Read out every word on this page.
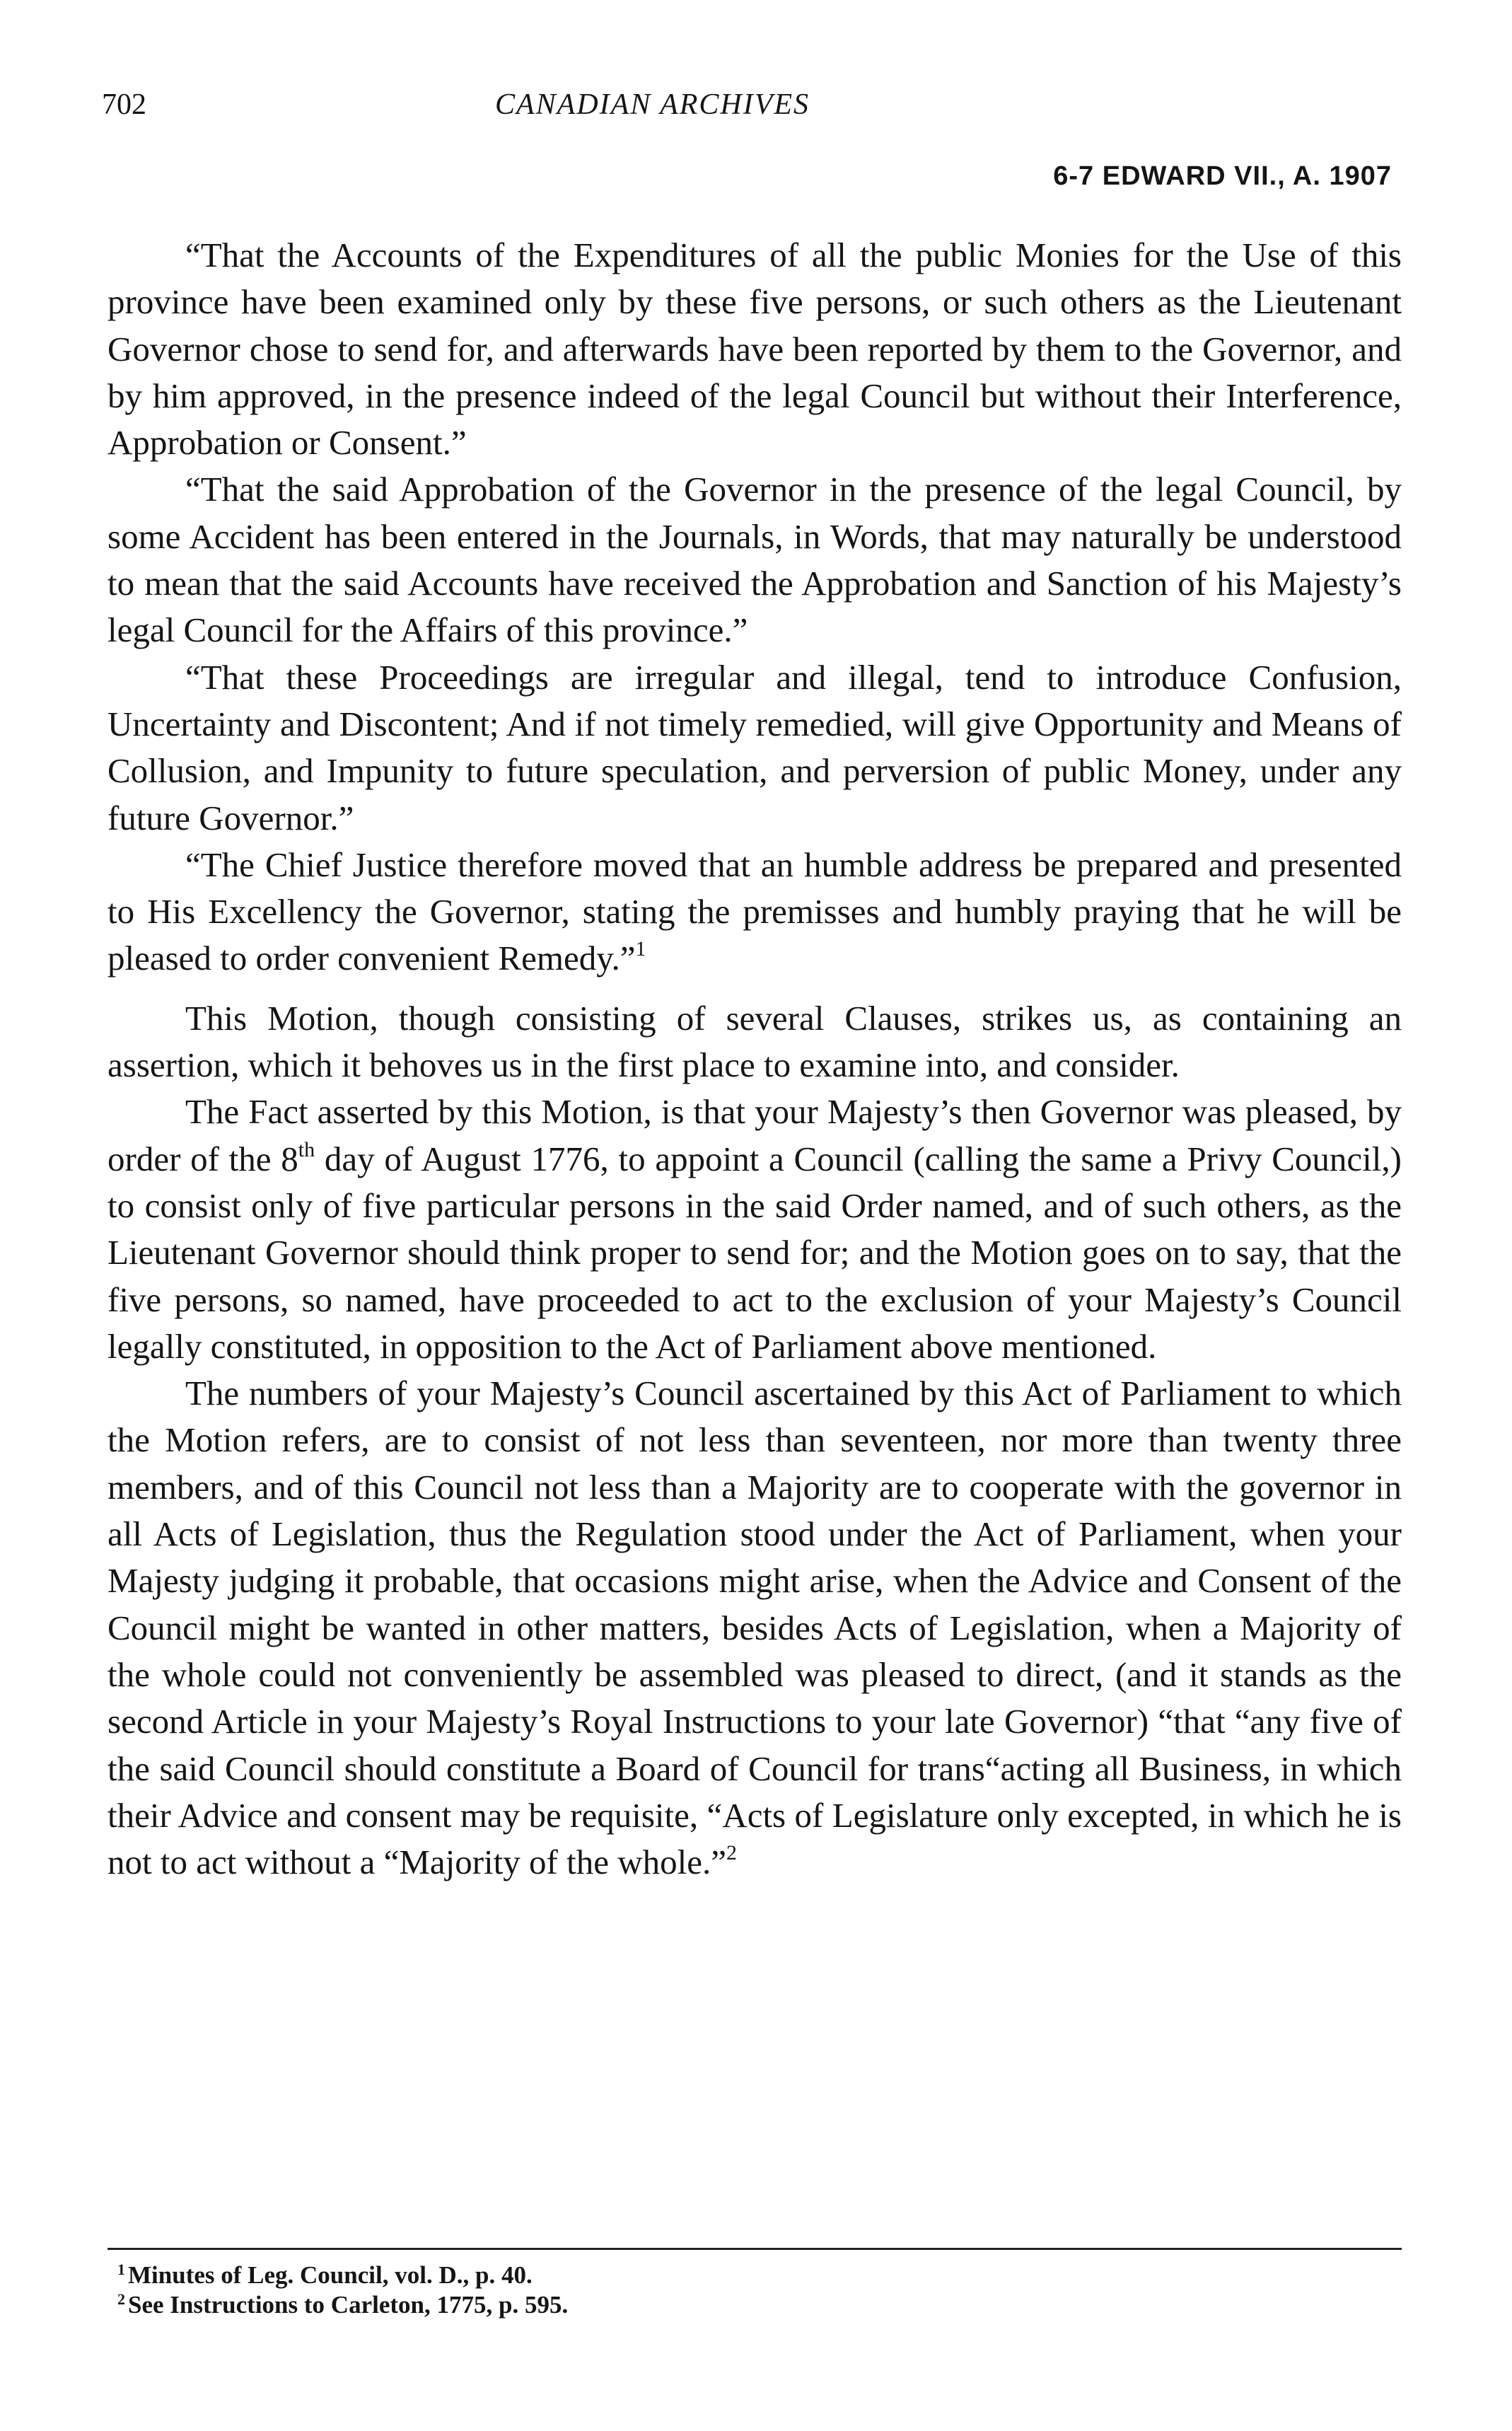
702	CANADIAN ARCHIVES
6-7 EDWARD VII., A. 1907

“That the Accounts of the Expenditures of all the public Monies for the Use of this province have been examined only by these five persons, or such others as the Lieutenant Governor chose to send for, and afterwards have been reported by them to the Governor, and by him approved, in the presence indeed of the legal Council but without their Interference, Approbation or Consent.”

“That the said Approbation of the Governor in the presence of the legal Council, by some Accident has been entered in the Journals, in Words, that may naturally be understood to mean that the said Accounts have received the Approbation and Sanction of his Majesty’s legal Council for the Affairs of this province.”

“That these Proceedings are irregular and illegal, tend to introduce Confusion, Uncertainty and Discontent; And if not timely remedied, will give Opportunity and Means of Collusion, and Impunity to future speculation, and perversion of public Money, under any future Governor.”

“The Chief Justice therefore moved that an humble address be prepared and presented to His Excellency the Governor, stating the premisses and humbly praying that he will be pleased to order convenient Remedy.”$^1$

This Motion, though consisting of several Clauses, strikes us, as containing an assertion, which it behoves us in the first place to examine into, and consider.

The Fact asserted by this Motion, is that your Majesty’s then Governor was pleased, by order of the 8th day of August 1776, to appoint a Council (calling the same a Privy Council,) to consist only of five particular persons in the said Order named, and of such others, as the Lieutenant Governor should think proper to send for; and the Motion goes on to say, that the five persons, so named, have proceeded to act to the exclusion of your Majesty’s Council legally constituted, in opposition to the Act of Parliament above mentioned.

The numbers of your Majesty’s Council ascertained by this Act of Parliament to which the Motion refers, are to consist of not less than seventeen, nor more than twenty three members, and of this Council not less than a Majority are to cooperate with the governor in all Acts of Legislation, thus the Regulation stood under the Act of Parliament, when your Majesty judging it probable, that occasions might arise, when the Advice and Consent of the Council might be wanted in other matters, besides Acts of Legislation, when a Majority of the whole could not conveniently be assembled was pleased to direct, (and it stands as the second Article in your Majesty’s Royal Instructions to your late Governor) “that “any five of the said Council should constitute a Board of Council for trans“acting all Business, in which their Advice and consent may be requisite, “Acts of Legislature only excepted, in which he is not to act without a “Majority of the whole.”$^2$

$^1$ Minutes of Leg. Council, vol. D., p. 40.
$^2$ See Instructions to Carleton, 1775, p. 595.
